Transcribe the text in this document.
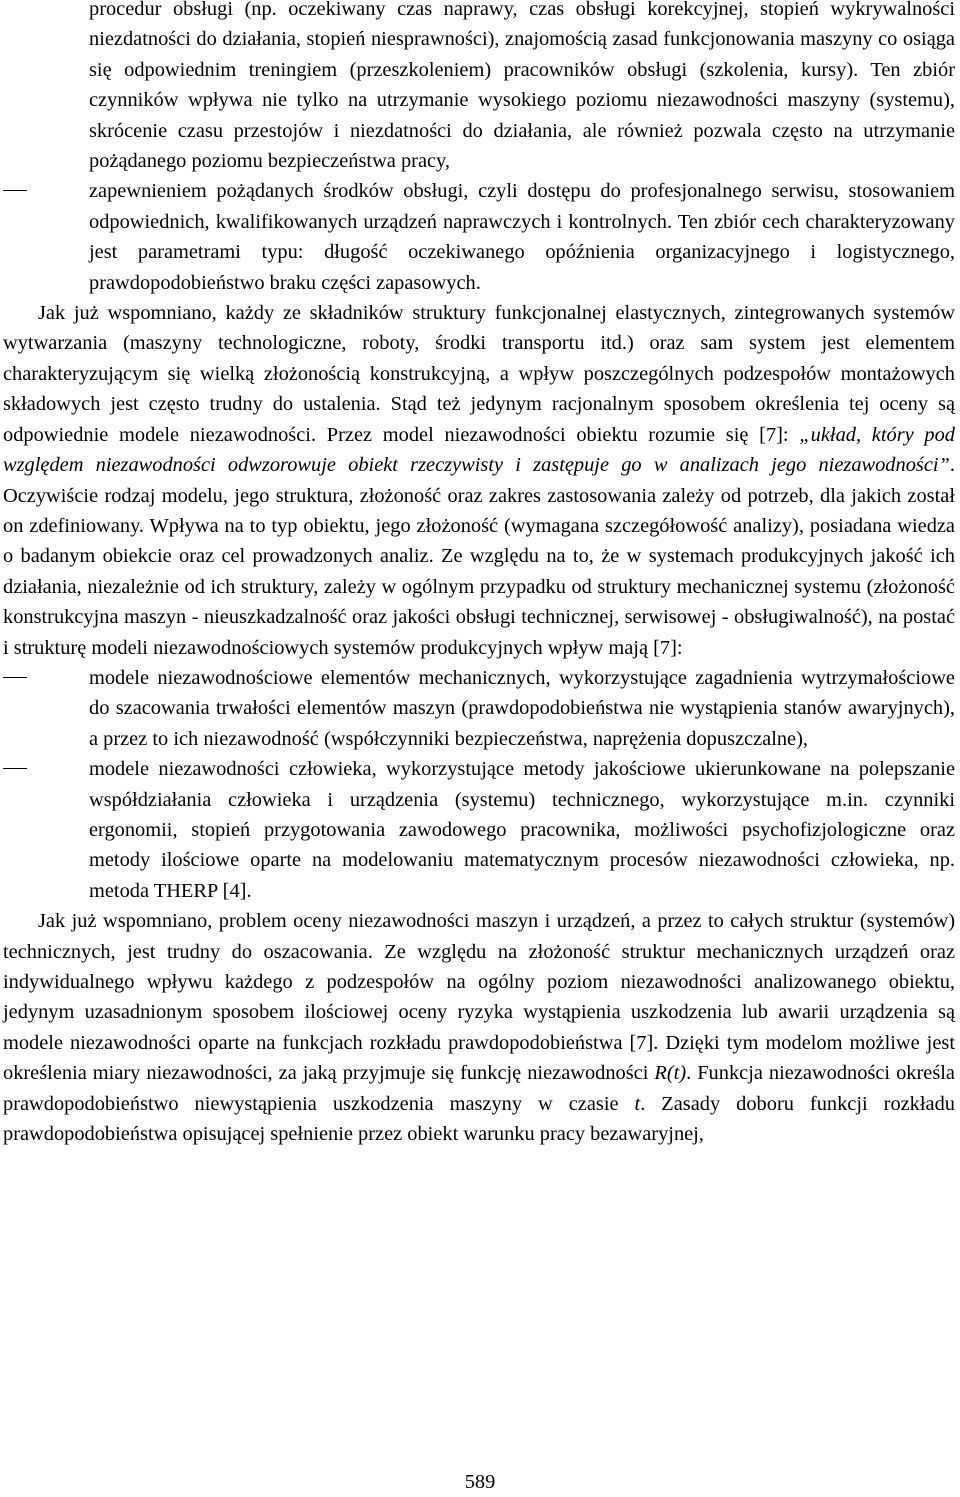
procedur obsługi (np. oczekiwany czas naprawy, czas obsługi korekcyjnej, stopień wykrywalności niezdatności do działania, stopień niesprawności), znajomością zasad funkcjonowania maszyny co osiąga się odpowiednim treningiem (przeszkoleniem) pracowników obsługi (szkolenia, kursy). Ten zbiór czynników wpływa nie tylko na utrzymanie wysokiego poziomu niezawodności maszyny (systemu), skrócenie czasu przestojów i niezdatności do działania, ale również pozwala często na utrzymanie pożądanego poziomu bezpieczeństwa pracy,

zapewnieniem pożądanych środków obsługi, czyli dostępu do profesjonalnego serwisu, stosowaniem odpowiednich, kwalifikowanych urządzeń naprawczych i kontrolnych. Ten zbiór cech charakteryzowany jest parametrami typu: długość oczekiwanego opóźnienia organizacyjnego i logistycznego, prawdopodobieństwo braku części zapasowych.

Jak już wspomniano, każdy ze składników struktury funkcjonalnej elastycznych, zintegrowanych systemów wytwarzania (maszyny technologiczne, roboty, środki transportu itd.) oraz sam system jest elementem charakteryzującym się wielką złożonością konstrukcyjną, a wpływ poszczególnych podzespołów montażowych składowych jest często trudny do ustalenia. Stąd też jedynym racjonalnym sposobem określenia tej oceny są odpowiednie modele niezawodności. Przez model niezawodności obiektu rozumie się [7]: „układ, który pod względem niezawodności odwzorowuje obiekt rzeczywisty i zastępuje go w analizach jego niezawodności”. Oczywiście rodzaj modelu, jego struktura, złożoność oraz zakres zastosowania zależy od potrzeb, dla jakich został on zdefiniowany. Wpływa na to typ obiektu, jego złożoność (wymagana szczegółowość analizy), posiadana wiedza o badanym obiekcie oraz cel prowadzonych analiz. Ze względu na to, że w systemach produkcyjnych jakość ich działania, niezależnie od ich struktury, zależy w ogólnym przypadku od struktury mechanicznej systemu (złożoność konstrukcyjna maszyn - nieuszkadzalność oraz jakości obsługi technicznej, serwisowej - obsługiwalność), na postać i strukturę modeli niezawodnościowych systemów produkcyjnych wpływ mają [7]:

modele niezawodnościowe elementów mechanicznych, wykorzystujące zagadnienia wytrzymałościowe do szacowania trwałości elementów maszyn (prawdopodobieństwa nie wystąpienia stanów awaryjnych), a przez to ich niezawodność (współczynniki bezpieczeństwa, naprężenia dopuszczalne),

modele niezawodności człowieka, wykorzystujące metody jakościowe ukierunkowane na polepszanie współdziałania człowieka i urządzenia (systemu) technicznego, wykorzystujące m.in. czynniki ergonomii, stopień przygotowania zawodowego pracownika, możliwości psychofizjologiczne oraz metody ilościowe oparte na modelowaniu matematycznym procesów niezawodności człowieka, np. metoda THERP [4].

Jak już wspomniano, problem oceny niezawodności maszyn i urządzeń, a przez to całych struktur (systemów) technicznych, jest trudny do oszacowania. Ze względu na złożoność struktur mechanicznych urządzeń oraz indywidualnego wpływu każdego z podzespołów na ogólny poziom niezawodności analizowanego obiektu, jedynym uzasadnionym sposobem ilościowej oceny ryzyka wystąpienia uszkodzenia lub awarii urządzenia są modele niezawodności oparte na funkcjach rozkładu prawdopodobieństwa [7]. Dzięki tym modelom możliwe jest określenia miary niezawodności, za jaką przyjmuje się funkcję niezawodności R(t). Funkcja niezawodności określa prawdopodobieństwo niewystąpienia uszkodzenia maszyny w czasie t. Zasady doboru funkcji rozkładu prawdopodobieństwa opisującej spełnienie przez obiekt warunku pracy bezawaryjnej,

589
